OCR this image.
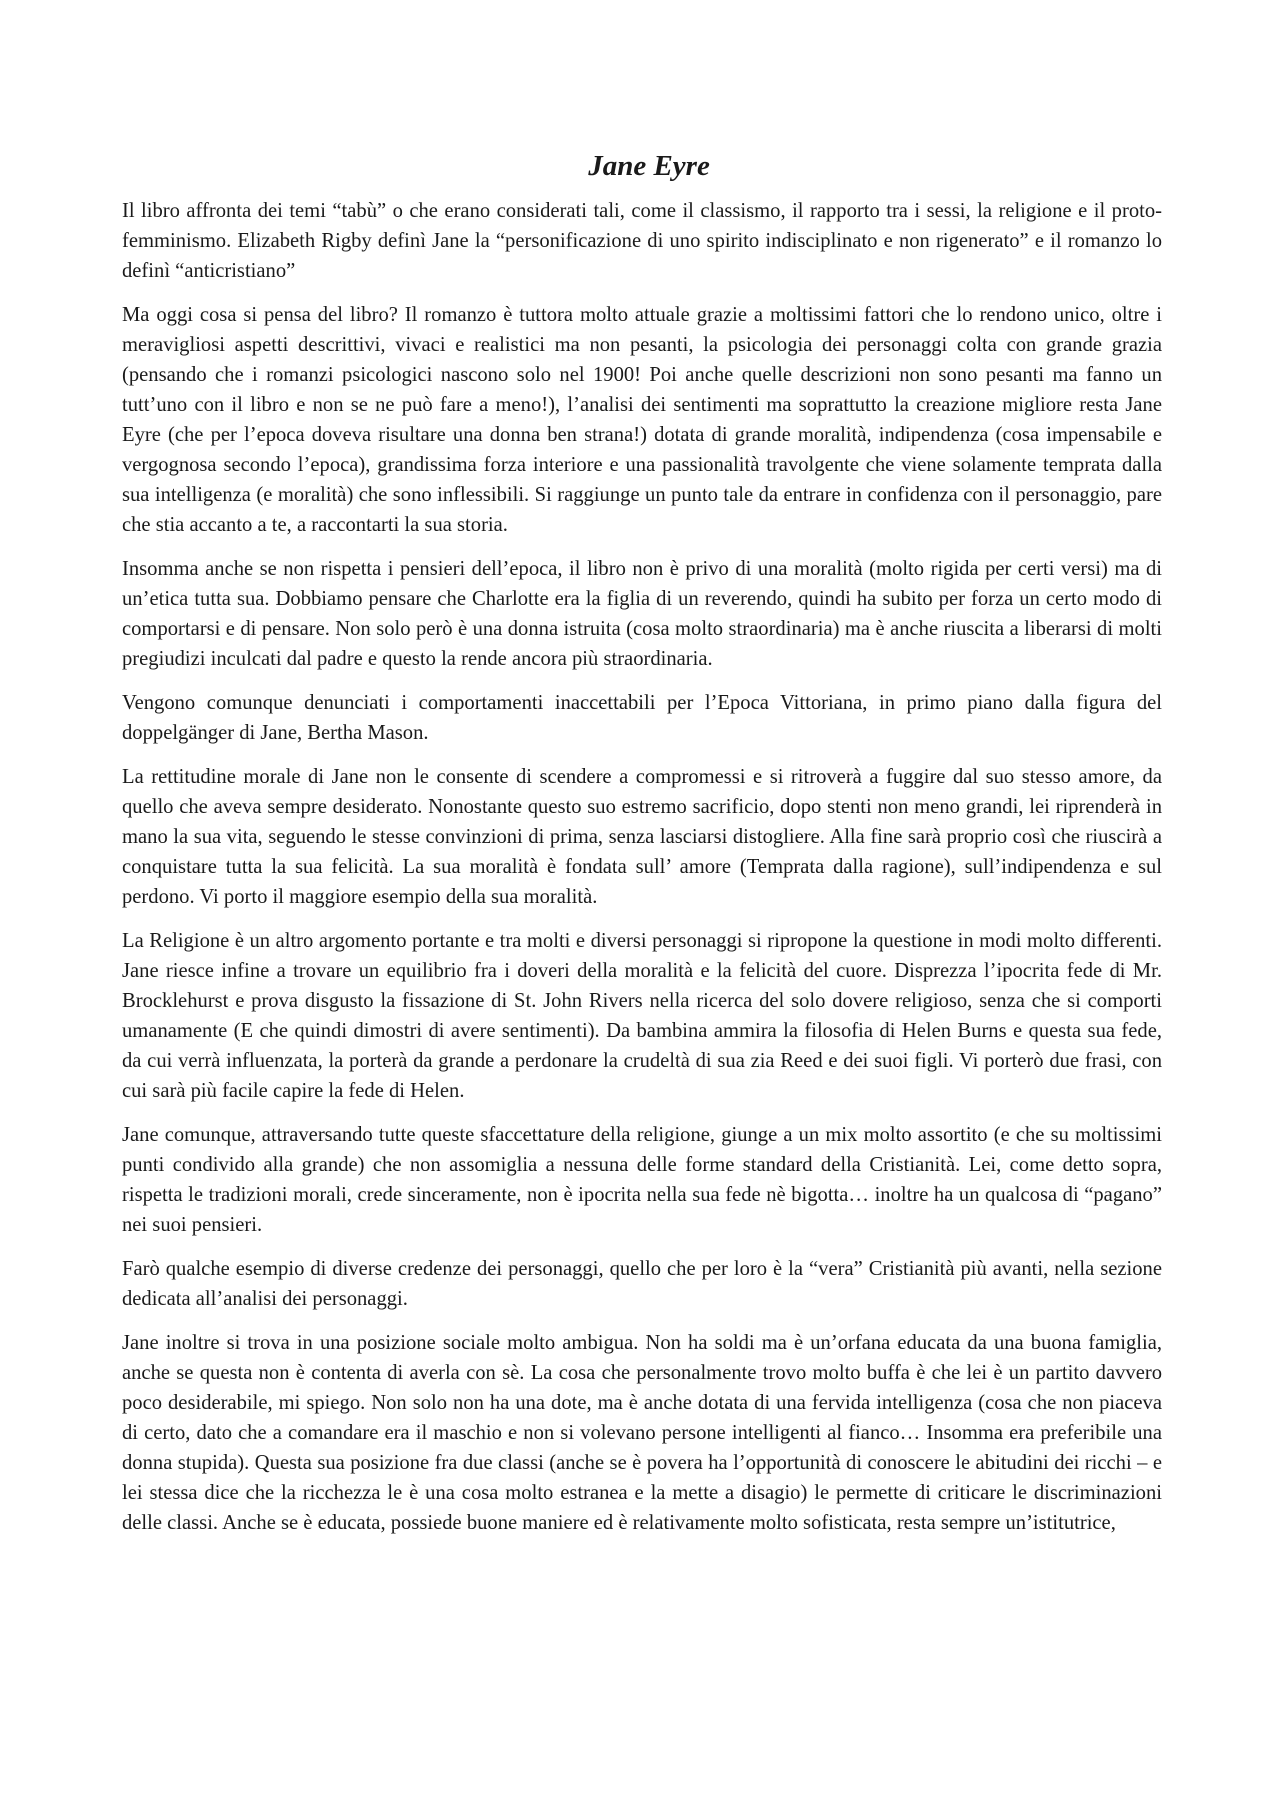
Jane Eyre

Il libro affronta dei temi “tabù” o che erano considerati tali, come il classismo, il rapporto tra i sessi, la religione e il proto-femminismo. Elizabeth Rigby definì Jane la “personificazione di uno spirito indisciplinato e non rigenerato” e il romanzo lo definì “anticristiano”

Ma oggi cosa si pensa del libro? Il romanzo è tuttora molto attuale grazie a moltissimi fattori che lo rendono unico, oltre i meravigliosi aspetti descrittivi, vivaci e realistici ma non pesanti, la psicologia dei personaggi colta con grande grazia (pensando che i romanzi psicologici nascono solo nel 1900! Poi anche quelle descrizioni non sono pesanti ma fanno un tutt’uno con il libro e non se ne può fare a meno!), l’analisi dei sentimenti ma soprattutto la creazione migliore resta Jane Eyre (che per l’epoca doveva risultare una donna ben strana!) dotata di grande moralità, indipendenza (cosa impensabile e vergognosa secondo l’epoca), grandissima forza interiore e una passionalità travolgente che viene solamente temprata dalla sua intelligenza (e moralità) che sono inflessibili. Si raggiunge un punto tale da entrare in confidenza con il personaggio, pare che stia accanto a te, a raccontarti la sua storia.

Insomma anche se non rispetta i pensieri dell’epoca, il libro non è privo di una moralità (molto rigida per certi versi) ma di un’etica tutta sua. Dobbiamo pensare che Charlotte era la figlia di un reverendo, quindi ha subito per forza un certo modo di comportarsi e di pensare. Non solo però è una donna istruita (cosa molto straordinaria) ma è anche riuscita a liberarsi di molti pregiudizi inculcati dal padre e questo la rende ancora più straordinaria.

Vengono comunque denunciati i comportamenti inaccettabili per l’Epoca Vittoriana, in primo piano dalla figura del doppelgänger di Jane, Bertha Mason.

La rettitudine morale di Jane non le consente di scendere a compromessi e si ritroverà a fuggire dal suo stesso amore, da quello che aveva sempre desiderato. Nonostante questo suo estremo sacrificio, dopo stenti non meno grandi, lei riprenderà in mano la sua vita, seguendo le stesse convinzioni di prima, senza lasciarsi distogliere. Alla fine sarà proprio così che riuscirà a conquistare tutta la sua felicità. La sua moralità è fondata sull’ amore (Temprata dalla ragione), sull’indipendenza e sul perdono. Vi porto il maggiore esempio della sua moralità.

La Religione è un altro argomento portante e tra molti e diversi personaggi si ripropone la questione in modi molto differenti. Jane riesce infine a trovare un equilibrio fra i doveri della moralità e la felicità del cuore. Disprezza l’ipocrita fede di Mr. Brocklehurst e prova disgusto la fissazione di St. John Rivers nella ricerca del solo dovere religioso, senza che si comporti umanamente (E che quindi dimostri di avere sentimenti). Da bambina ammira la filosofia di Helen Burns e questa sua fede, da cui verrà influenzata, la porterà da grande a perdonare la crudeltà di sua zia Reed e dei suoi figli. Vi porterò due frasi, con cui sarà più facile capire la fede di Helen.

Jane comunque, attraversando tutte queste sfaccettature della religione, giunge a un mix molto assortito (e che su moltissimi punti condivido alla grande) che non assomiglia a nessuna delle forme standard della Cristianità. Lei, come detto sopra, rispetta le tradizioni morali, crede sinceramente, non è ipocrita nella sua fede nè bigotta… inoltre ha un qualcosa di “pagano” nei suoi pensieri.

Farò qualche esempio di diverse credenze dei personaggi, quello che per loro è la “vera” Cristianità più avanti, nella sezione dedicata all’analisi dei personaggi.

Jane inoltre si trova in una posizione sociale molto ambigua. Non ha soldi ma è un’orfana educata da una buona famiglia, anche se questa non è contenta di averla con sè. La cosa che personalmente trovo molto buffa è che lei è un partito davvero poco desiderabile, mi spiego. Non solo non ha una dote, ma è anche dotata di una fervida intelligenza (cosa che non piaceva di certo, dato che a comandare era il maschio e non si volevano persone intelligenti al fianco… Insomma era preferibile una donna stupida). Questa sua posizione fra due classi (anche se è povera ha l’opportunità di conoscere le abitudini dei ricchi – e lei stessa dice che la ricchezza le è una cosa molto estranea e la mette a disagio) le permette di criticare le discriminazioni delle classi. Anche se è educata, possiede buone maniere ed è relativamente molto sofisticata, resta sempre un’istitutrice,
